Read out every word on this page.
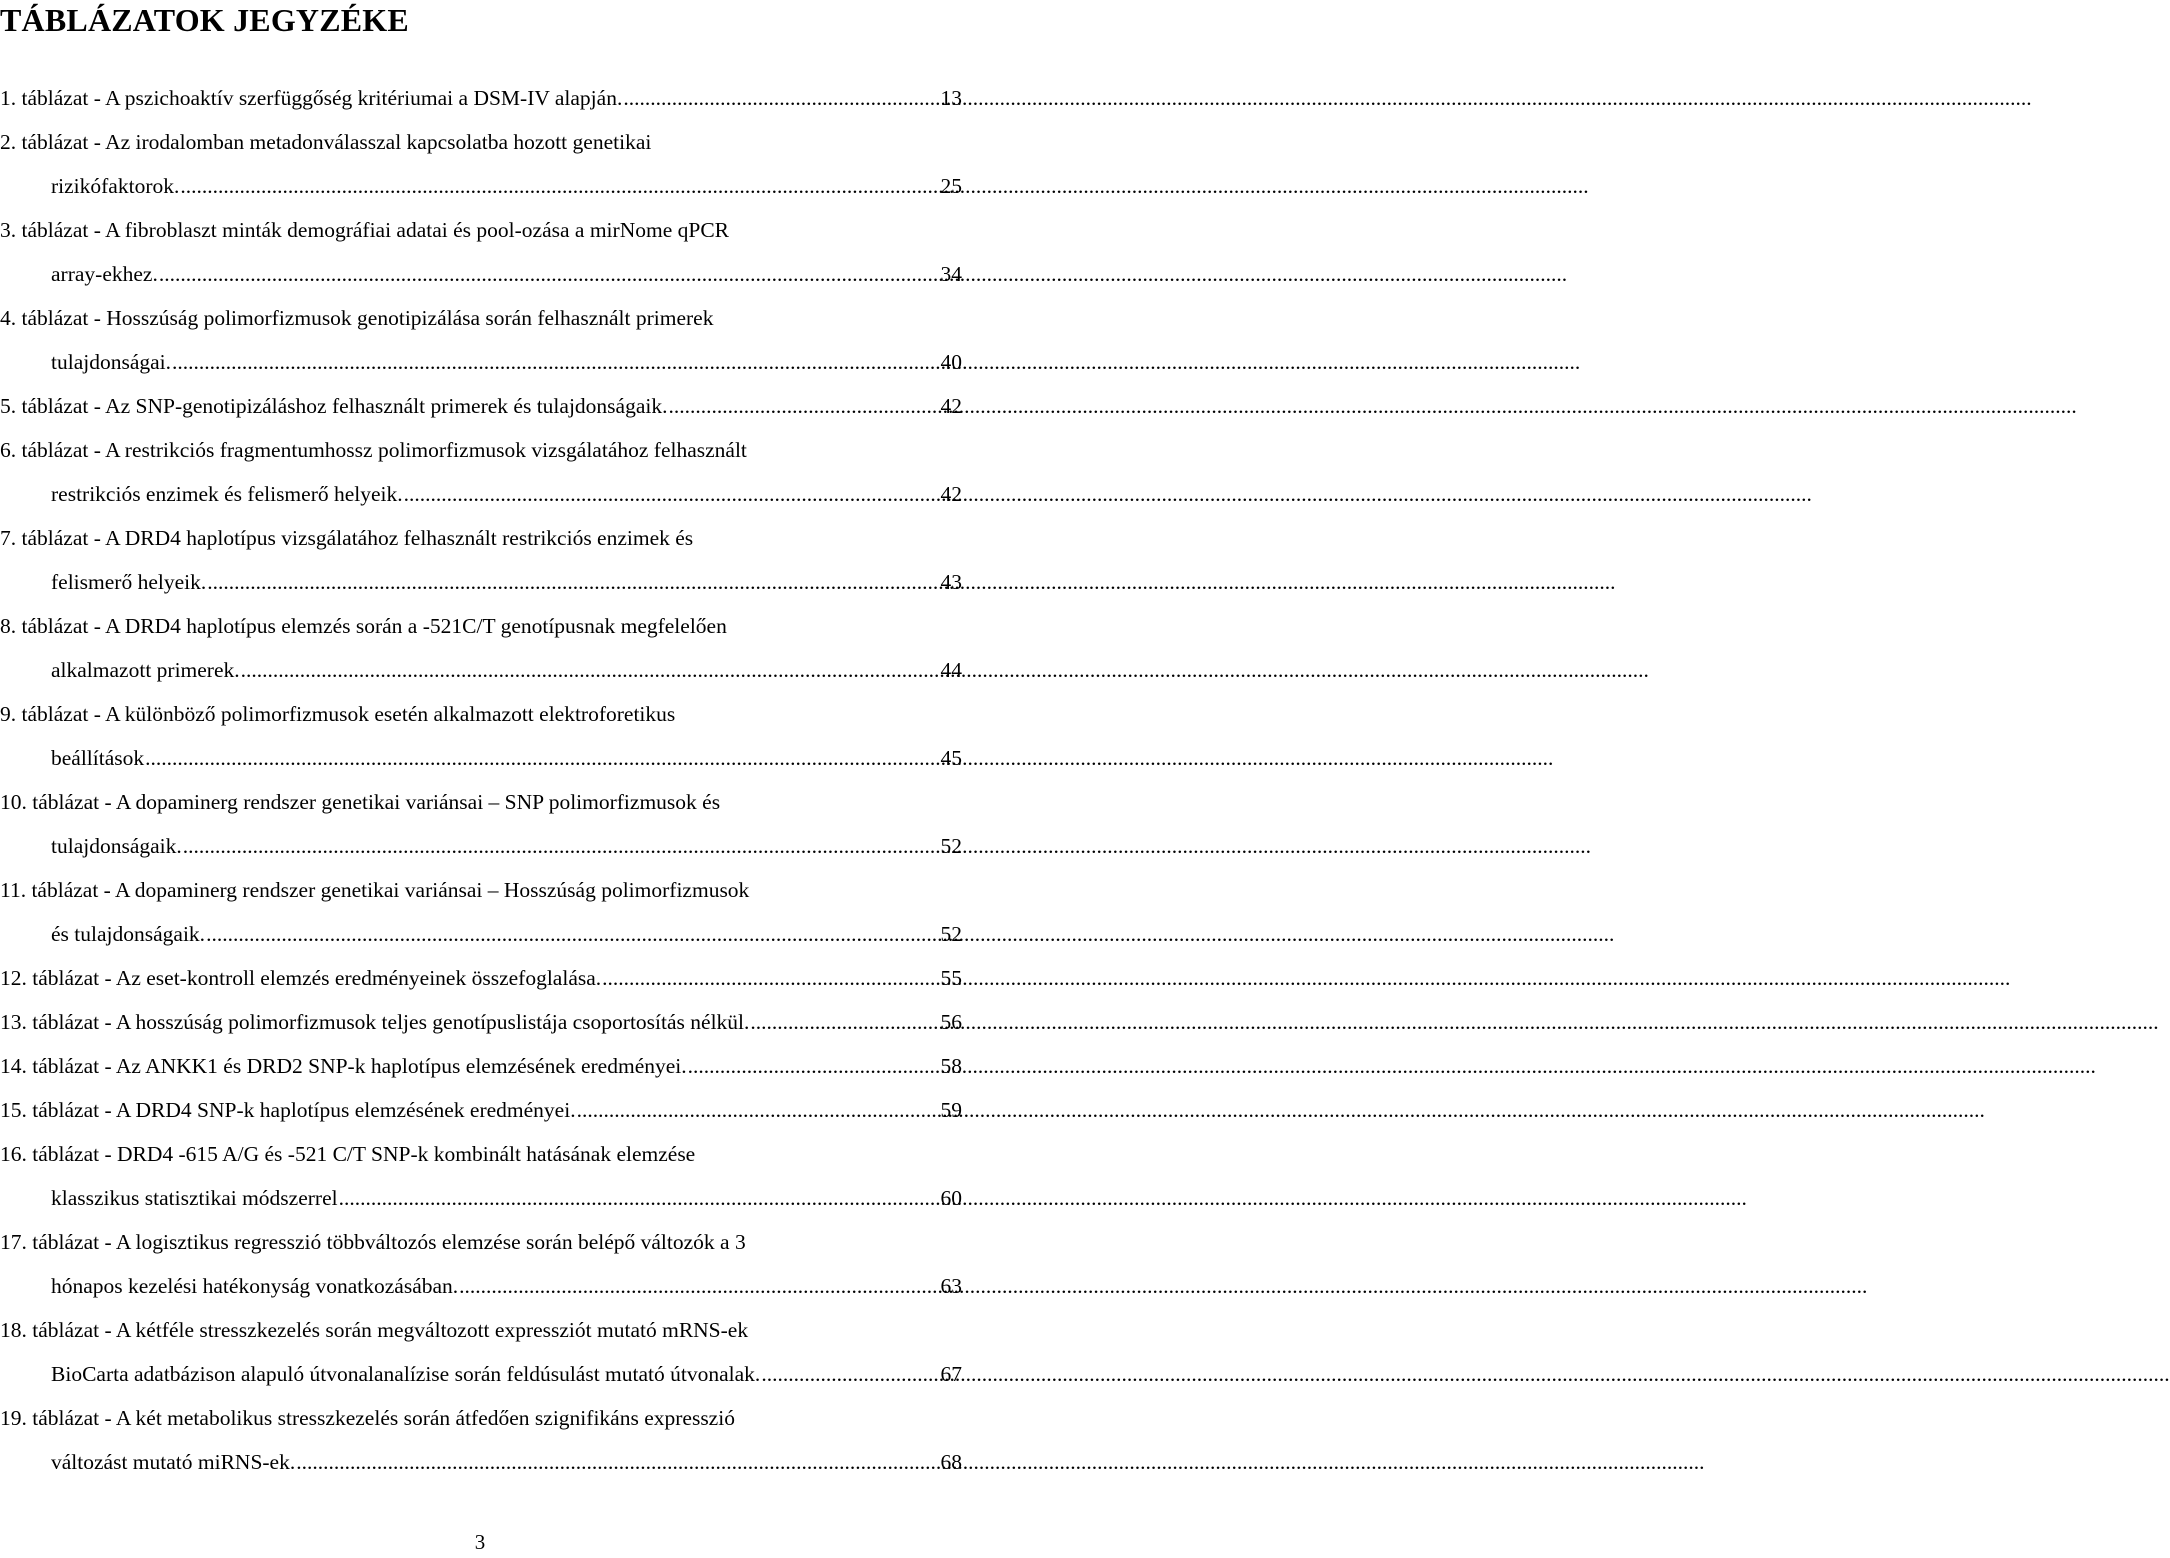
TÁBLÁZATOK JEGYZÉKE
1. táblázat - A pszichoaktív szerfüggőség kritériumai a DSM-IV alapján. .....	13
2. táblázat - Az irodalomban metadonválasszal kapcsolatba hozott genetikai
rizikófaktorok. .....	25
3. táblázat - A fibroblaszt minták demográfiai adatai és pool-ozása a mirNome qPCR
array-ekhez. .....	34
4. táblázat - Hosszúság polimorfizmusok genotipizálása során felhasznált primerek
tulajdonságai. .....	40
5. táblázat - Az SNP-genotipizáláshoz felhasznált primerek és tulajdonságaik. .....	42
6. táblázat - A restrikciós fragmentumhossz polimorfizmusok vizsgálatához felhasznált
restrikciós enzimek és felismerő helyeik. .....	42
7. táblázat - A DRD4 haplotípus vizsgálatához felhasznált restrikciós enzimek és
felismerő helyeik. .....	43
8. táblázat - A DRD4 haplotípus elemzés során a -521C/T genotípusnak megfelelően
alkalmazott primerek. .....	44
9. táblázat - A különböző polimorfizmusok esetén alkalmazott elektroforetikus
beállítások .....	45
10. táblázat - A dopaminerg rendszer genetikai variánsai – SNP polimorfizmusok és
tulajdonságaik. .....	52
11. táblázat - A dopaminerg rendszer genetikai variánsai – Hosszúság polimorfizmusok
és tulajdonságaik. .....	52
12. táblázat - Az eset-kontroll elemzés eredményeinek összefoglalása. .....	55
13. táblázat - A hosszúság polimorfizmusok teljes genotípuslistája csoportosítás nélkül. .....	56
14. táblázat - Az ANKK1 és DRD2 SNP-k haplotípus elemzésének eredményei. .....	58
15. táblázat - A DRD4 SNP-k haplotípus elemzésének eredményei. .....	59
16. táblázat - DRD4 -615 A/G és -521 C/T SNP-k kombinált hatásának elemzése
klasszikus statisztikai módszerrel .....	60
17. táblázat - A logisztikus regresszió többváltozós elemzése során belépő változók a 3
hónapos kezelési hatékonyság vonatkozásában. .....	63
18. táblázat - A kétféle stresszkezelés során megváltozott expressziót mutató mRNS-ek
BioCarta adatbázison alapuló útvonalanalízise során feldúsulást mutató útvonalak. .....	67
19. táblázat - A két metabolikus stresszkezelés során átfedően szignifikáns expresszió
változást mutató miRNS-ek. .....	68
3
